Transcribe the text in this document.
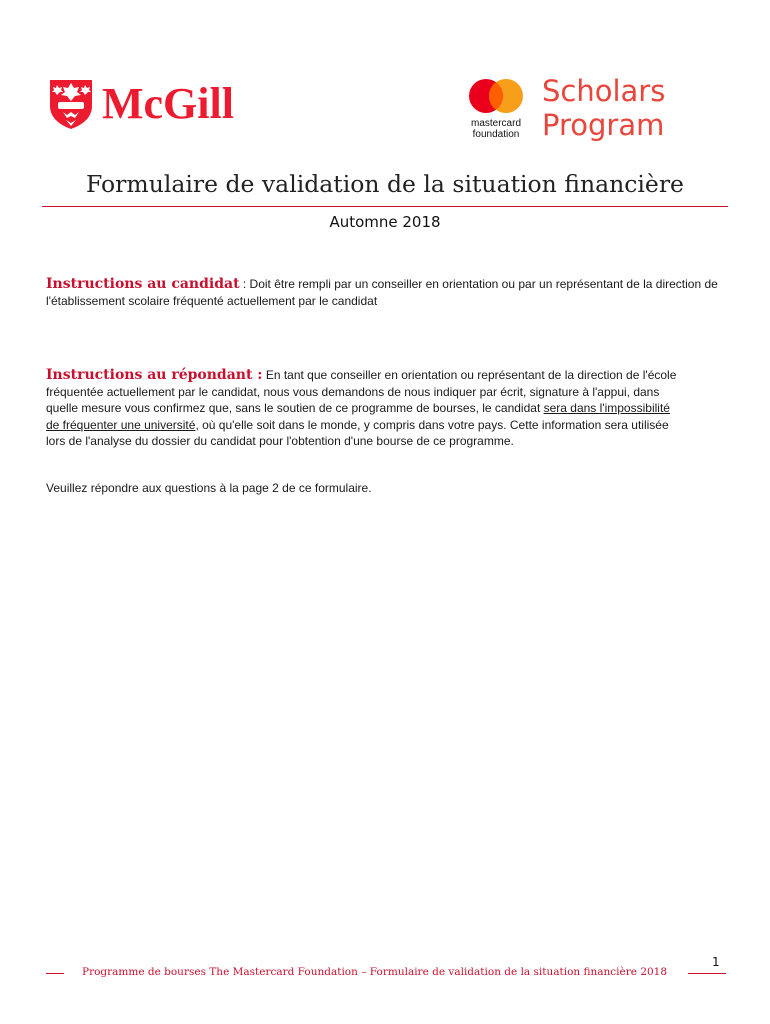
McGill	mastercard
foundation
Scholars
Program
Formulaire de validation de la situation financière
Automne 2018
Instructions au candidat : Doit être rempli par un conseiller en orientation ou par un représentant de la direction de l'établissement scolaire fréquenté actuellement par le candidat
Instructions au répondant : En tant que conseiller en orientation ou représentant de la direction de l'école fréquentée actuellement par le candidat, nous vous demandons de nous indiquer par écrit, signature à l'appui, dans quelle mesure vous confirmez que, sans le soutien de ce programme de bourses, le candidat sera dans l'impossibilité de fréquenter une université, où qu'elle soit dans le monde, y compris dans votre pays. Cette information sera utilisée lors de l'analyse du dossier du candidat pour l'obtention d'une bourse de ce programme.
Veuillez répondre aux questions à la page 2 de ce formulaire.
Programme de bourses The Mastercard Foundation – Formulaire de validation de la situation financière 2018
1
